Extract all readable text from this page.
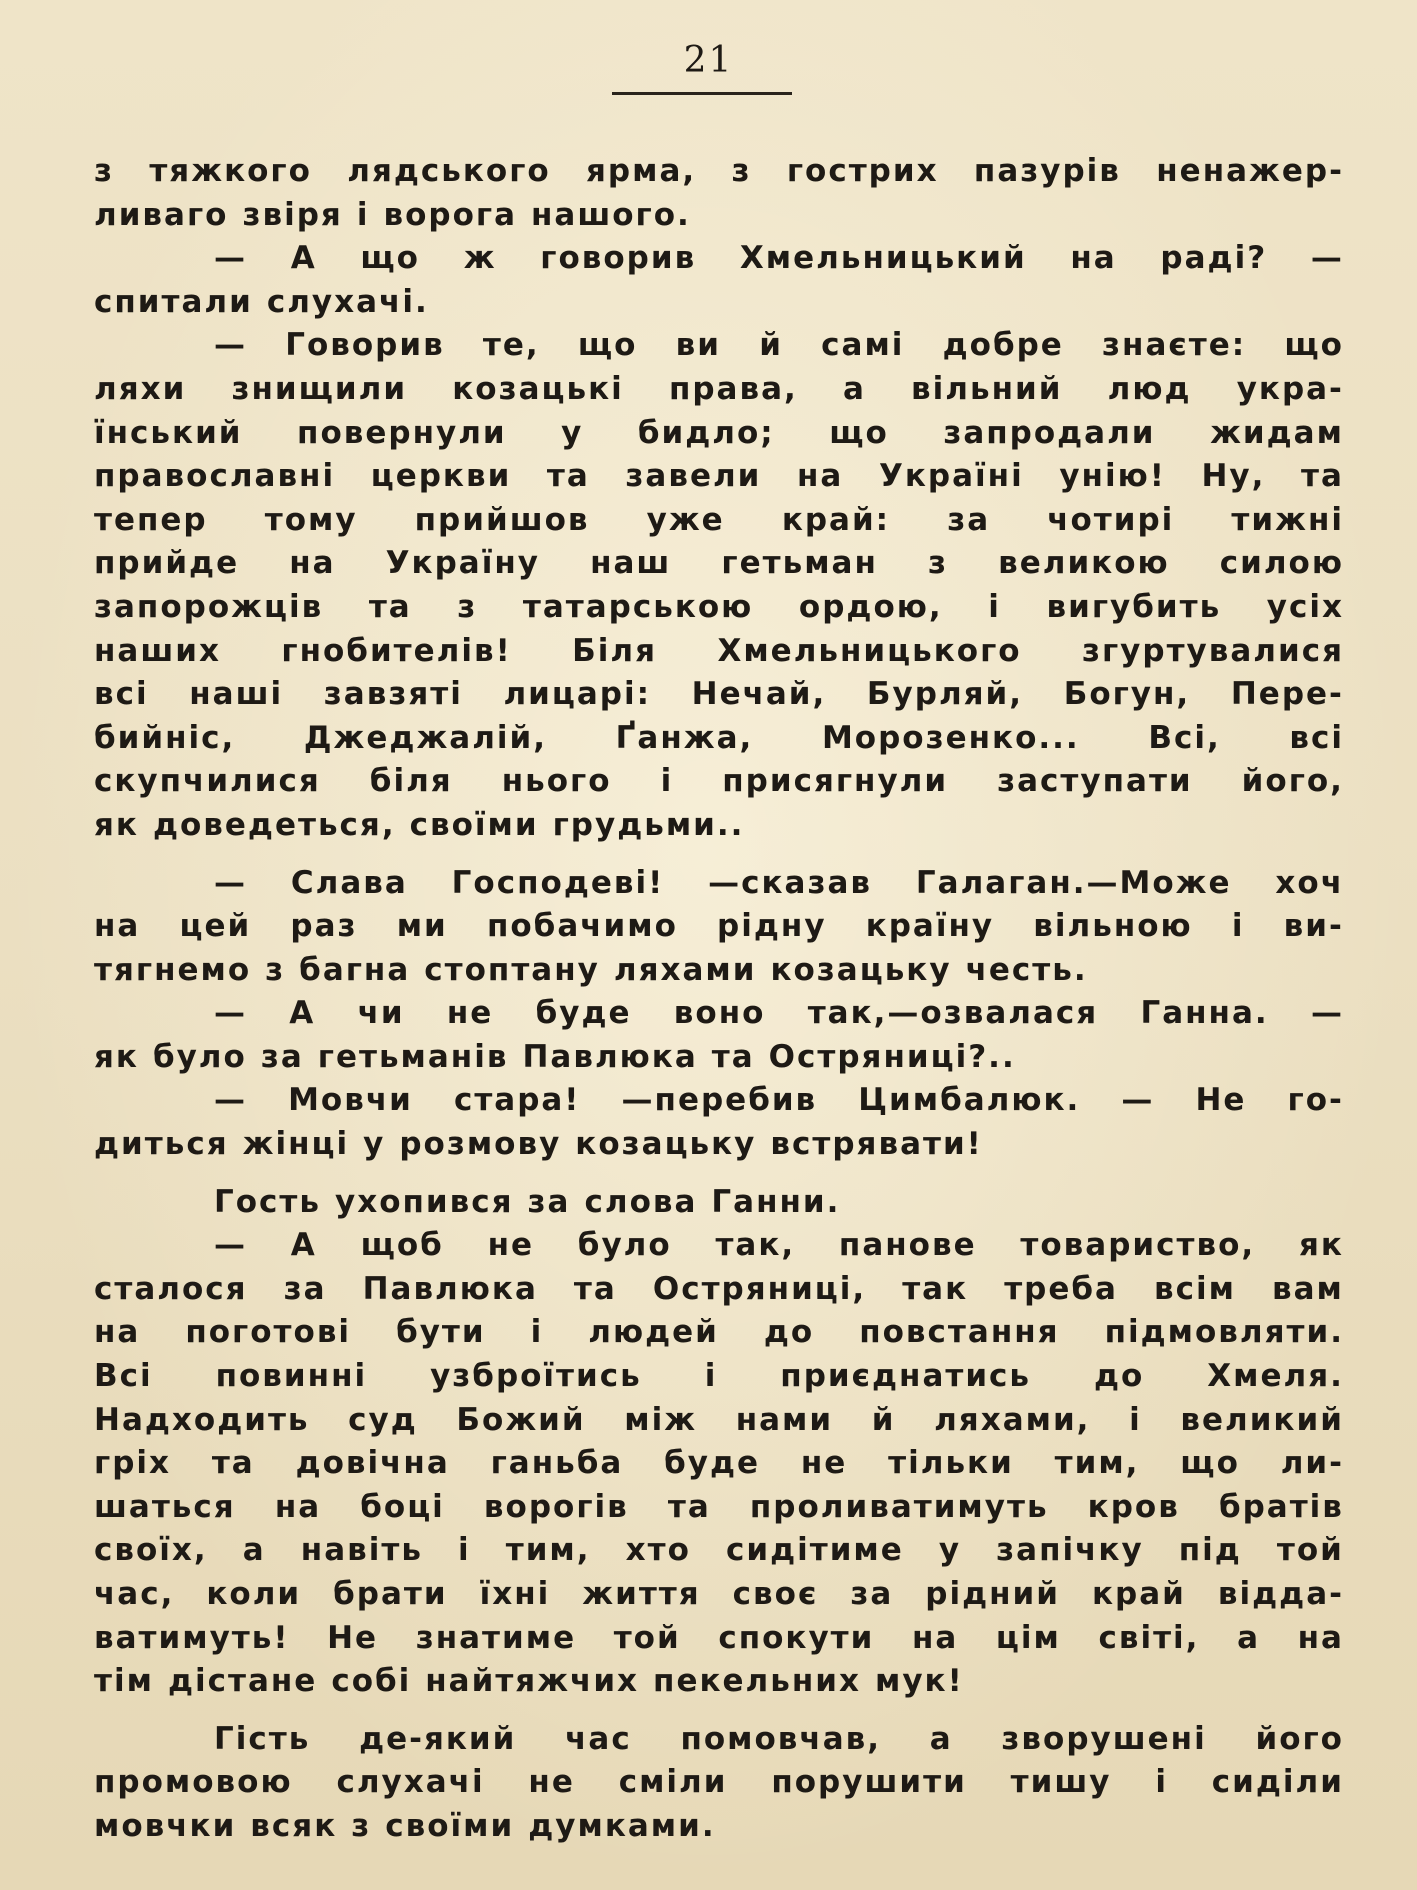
21
з тяжкого лядського ярма, з гострих пазурів ненажер-
ливаго звіря і ворога нашого.
— А що ж говорив Хмельницький на раді? —
спитали слухачі.
— Говорив те, що ви й самі добре знаєте: що
ляхи знищили козацькі права, а вільний люд укра-
їнський повернули у бидло; що запродали жидам
православні церкви та завели на Україні унію! Ну, та
тепер тому прийшов уже край: за чотирі тижні
прийде на Україну наш гетьман з великою силою
запорожців та з татарською ордою, і вигубить усіх
наших гнобителів! Біля Хмельницького згуртувалися
всі наші завзяті лицарі: Нечай, Бурляй, Богун, Пере-
бийніс, Джеджалій, Ґанжа, Морозенко... Всі, всі
скупчилися біля нього і присягнули заступати його,
як доведеться, своїми грудьми..
— Слава Господеві! —сказав Галаган.—Може хоч
на цей раз ми побачимо рідну країну вільною і ви-
тягнемо з багна стоптану ляхами козацьку честь.
— А чи не буде воно так,—озвалася Ганна. —
як було за гетьманів Павлюка та Остряниці?..
— Мовчи стара! —перебив Цимбалюк. — Не го-
диться жінці у розмову козацьку встрявати!
Гость ухопився за слова Ганни.
— А щоб не було так, панове товариство, як
сталося за Павлюка та Остряниці, так треба всім вам
на поготові бути і людей до повстання підмовляти.
Всі повинні узброїтись і приєднатись до Хмеля.
Надходить суд Божий між нами й ляхами, і великий
гріх та довічна ганьба буде не тільки тим, що ли-
шаться на боці ворогів та проливатимуть кров братів
своїх, а навіть і тим, хто сидітиме у запічку під той
час, коли брати їхні життя своє за рідний край відда-
ватимуть! Не знатиме той спокути на цім світі, а на
тім дістане собі найтяжчих пекельних мук!
Гість де-який час помовчав, а зворушені його
промовою слухачі не сміли порушити тишу і сиділи
мовчки всяк з своїми думками.
